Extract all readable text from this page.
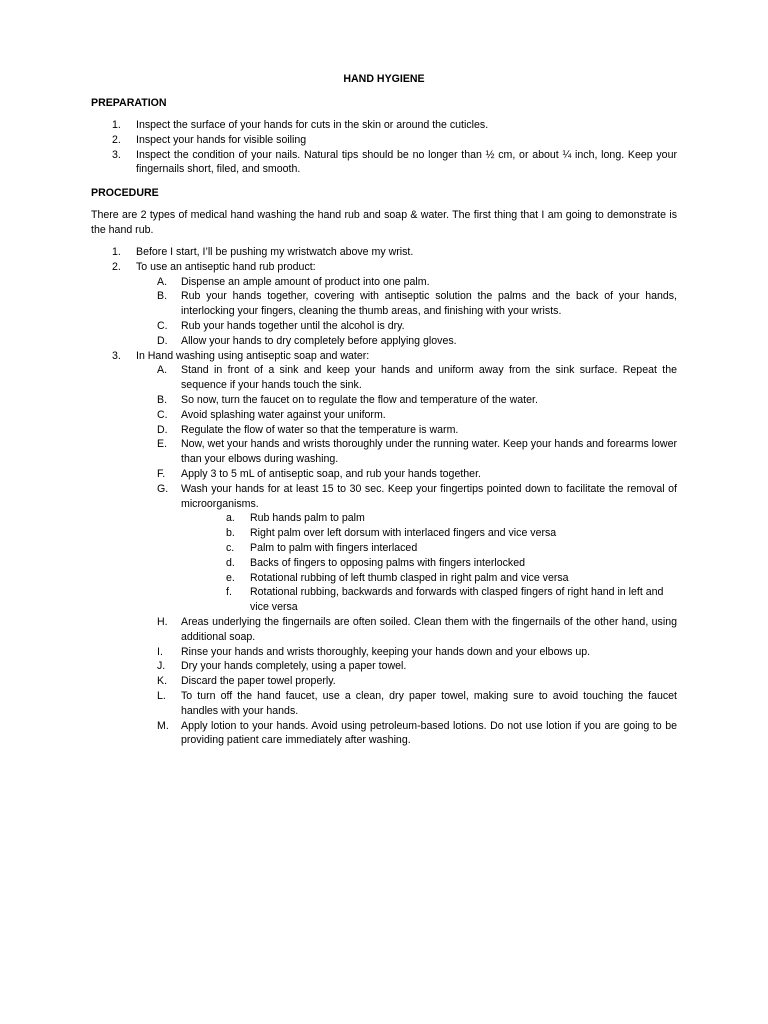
HAND HYGIENE
PREPARATION
1.	Inspect the surface of your hands for cuts in the skin or around the cuticles.
2.	Inspect your hands for visible soiling
3.	Inspect the condition of your nails. Natural tips should be no longer than ½ cm, or about ¼ inch, long. Keep your fingernails short, filed, and smooth.
PROCEDURE

There are 2 types of medical hand washing the hand rub and soap & water. The first thing that I am going to demonstrate is the hand rub.

1.	Before I start, I’ll be pushing my wristwatch above my wrist.
2.	To use an antiseptic hand rub product:
A.	Dispense an ample amount of product into one palm.
B.	Rub your hands together, covering with antiseptic solution the palms and the back of your hands, interlocking your fingers, cleaning the thumb areas, and finishing with your wrists.
C.	Rub your hands together until the alcohol is dry.
D.	Allow your hands to dry completely before applying gloves.
3.	In Hand washing using antiseptic soap and water:
A.	Stand in front of a sink and keep your hands and uniform away from the sink surface. Repeat the sequence if your hands touch the sink.
B.	So now, turn the faucet on to regulate the flow and temperature of the water.
C.	Avoid splashing water against your uniform.
D.	Regulate the flow of water so that the temperature is warm.
E.	Now, wet your hands and wrists thoroughly under the running water. Keep your hands and forearms lower than your elbows during washing.
F.	Apply 3 to 5 mL of antiseptic soap, and rub your hands together.
G.	Wash your hands for at least 15 to 30 sec. Keep your fingertips pointed down to facilitate the removal of microorganisms.
a.	Rub hands palm to palm
b.	Right palm over left dorsum with interlaced fingers and vice versa
c.	Palm to palm with fingers interlaced
d.	Backs of fingers to opposing palms with fingers interlocked
e.	Rotational rubbing of left thumb clasped in right palm and vice versa
f.	Rotational rubbing, backwards and forwards with clasped fingers of right hand in left and vice versa
H.	Areas underlying the fingernails are often soiled. Clean them with the fingernails of the other hand, using additional soap.
I.	Rinse your hands and wrists thoroughly, keeping your hands down and your elbows up.
J.	Dry your hands completely, using a paper towel.
K.	Discard the paper towel properly.
L.	To turn off the hand faucet, use a clean, dry paper towel, making sure to avoid touching the faucet handles with your hands.
M.	Apply lotion to your hands. Avoid using petroleum-based lotions. Do not use lotion if you are going to be providing patient care immediately after washing.
